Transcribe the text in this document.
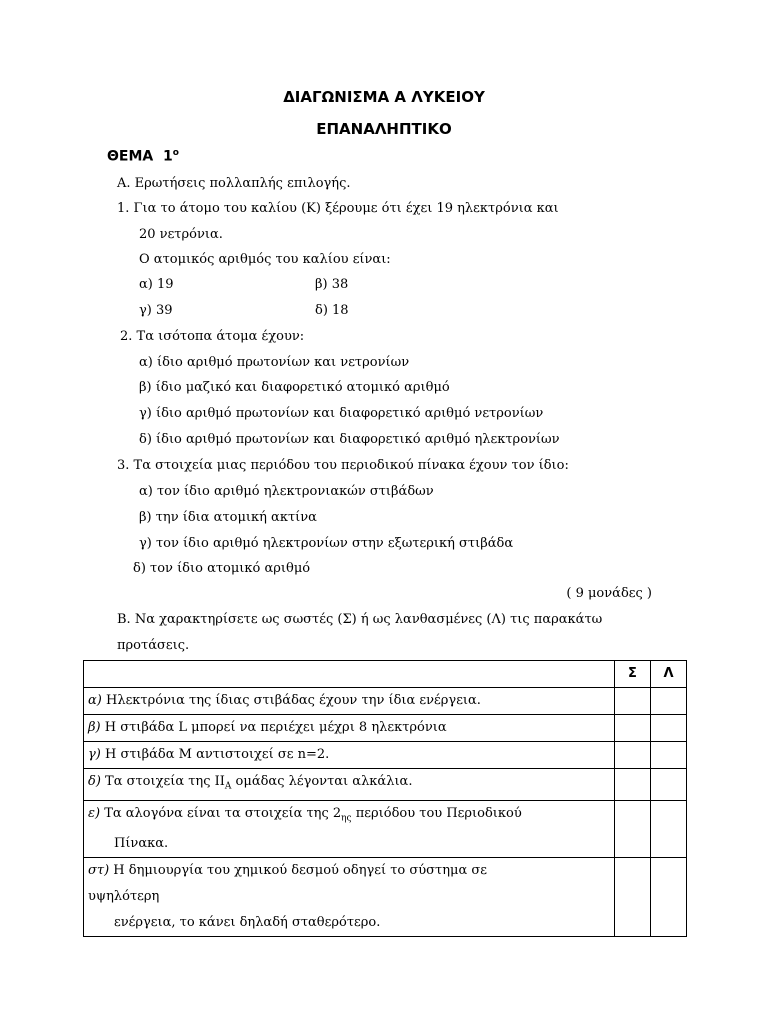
ΔΙΑΓΩΝΙΣΜΑ Α ΛΥΚΕΙΟΥ
ΕΠΑΝΑΛΗΠΤΙΚΟ
ΘΕΜΑ $1^o$
Α. Ερωτήσεις πολλαπλής επιλογής.
1. Για το άτομο του καλίου (Κ) ξέρουμε ότι έχει 19 ηλεκτρόνια και
20 νετρόνια.
Ο ατομικός αριθμός του καλίου είναι:
α) 19	β) 38
γ) 39	δ) 18
2. Τα ισότοπα άτομα έχουν:
α) ίδιο αριθμό πρωτονίων και νετρονίων
β) ίδιο μαζικό και διαφορετικό ατομικό αριθμό
γ) ίδιο αριθμό πρωτονίων και διαφορετικό αριθμό νετρονίων
δ) ίδιο αριθμό πρωτονίων και διαφορετικό αριθμό ηλεκτρονίων
3. Τα στοιχεία μιας περιόδου του περιοδικού πίνακα έχουν τον ίδιο:
α) τον ίδιο αριθμό ηλεκτρονιακών στιβάδων
β) την ίδια ατομική ακτίνα
γ) τον ίδιο αριθμό ηλεκτρονίων στην εξωτερική στιβάδα
δ) τον ίδιο ατομικό αριθμό
( 9 μονάδες )
Β. Να χαρακτηρίσετε ως σωστές (Σ) ή ως λανθασμένες (Λ) τις παρακάτω
προτάσεις.
	Σ	Λ
α) Ηλεκτρόνια της ίδιας στιβάδας έχουν την ίδια ενέργεια.		
β) Η στιβάδα L μπορεί να περιέχει μέχρι 8 ηλεκτρόνια		
γ) Η στιβάδα Μ αντιστοιχεί σε n=2.		
δ) Τα στοιχεία της $II_A$ ομάδας λέγονται αλκάλια.		
ε) Τα αλογόνα είναι τα στοιχεία της $2_{\eta\varsigma}$ περιόδου του Περιοδικού
Πίνακα.		
στ) Η δημιουργία του χημικού δεσμού οδηγεί το σύστημα σε
υψηλότερη
ενέργεια, το κάνει δηλαδή σταθερότερο.		
